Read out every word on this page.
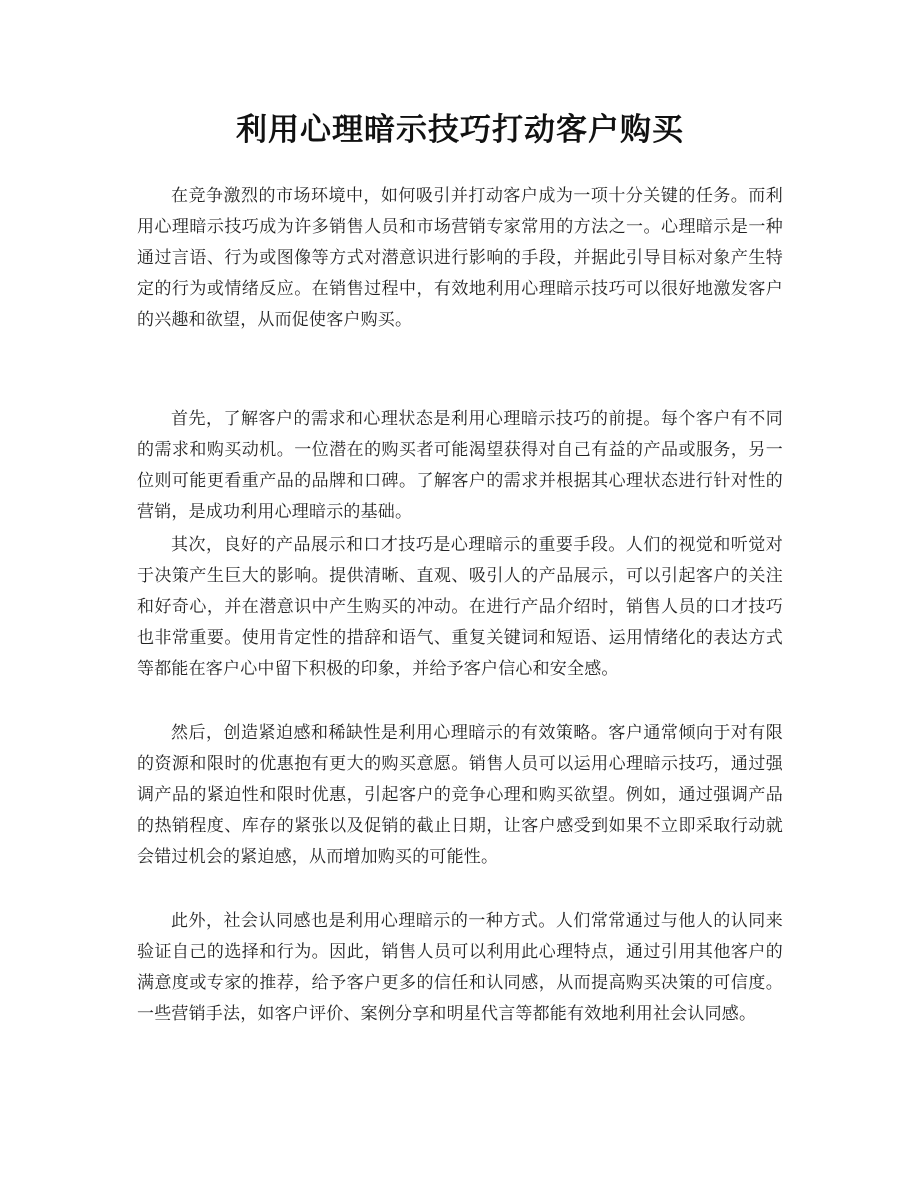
利用心理暗示技巧打动客户购买

在竞争激烈的市场环境中，如何吸引并打动客户成为一项十分关键的任务。而利用心理暗示技巧成为许多销售人员和市场营销专家常用的方法之一。心理暗示是一种通过言语、行为或图像等方式对潜意识进行影响的手段，并据此引导目标对象产生特定的行为或情绪反应。在销售过程中，有效地利用心理暗示技巧可以很好地激发客户的兴趣和欲望，从而促使客户购买。

首先，了解客户的需求和心理状态是利用心理暗示技巧的前提。每个客户有不同的需求和购买动机。一位潜在的购买者可能渴望获得对自己有益的产品或服务，另一位则可能更看重产品的品牌和口碑。了解客户的需求并根据其心理状态进行针对性的营销，是成功利用心理暗示的基础。

其次，良好的产品展示和口才技巧是心理暗示的重要手段。人们的视觉和听觉对于决策产生巨大的影响。提供清晰、直观、吸引人的产品展示，可以引起客户的关注和好奇心，并在潜意识中产生购买的冲动。在进行产品介绍时，销售人员的口才技巧也非常重要。使用肯定性的措辞和语气、重复关键词和短语、运用情绪化的表达方式等都能在客户心中留下积极的印象，并给予客户信心和安全感。

然后，创造紧迫感和稀缺性是利用心理暗示的有效策略。客户通常倾向于对有限的资源和限时的优惠抱有更大的购买意愿。销售人员可以运用心理暗示技巧，通过强调产品的紧迫性和限时优惠，引起客户的竞争心理和购买欲望。例如，通过强调产品的热销程度、库存的紧张以及促销的截止日期，让客户感受到如果不立即采取行动就会错过机会的紧迫感，从而增加购买的可能性。

此外，社会认同感也是利用心理暗示的一种方式。人们常常通过与他人的认同来验证自己的选择和行为。因此，销售人员可以利用此心理特点，通过引用其他客户的满意度或专家的推荐，给予客户更多的信任和认同感，从而提高购买决策的可信度。一些营销手法，如客户评价、案例分享和明星代言等都能有效地利用社会认同感。
